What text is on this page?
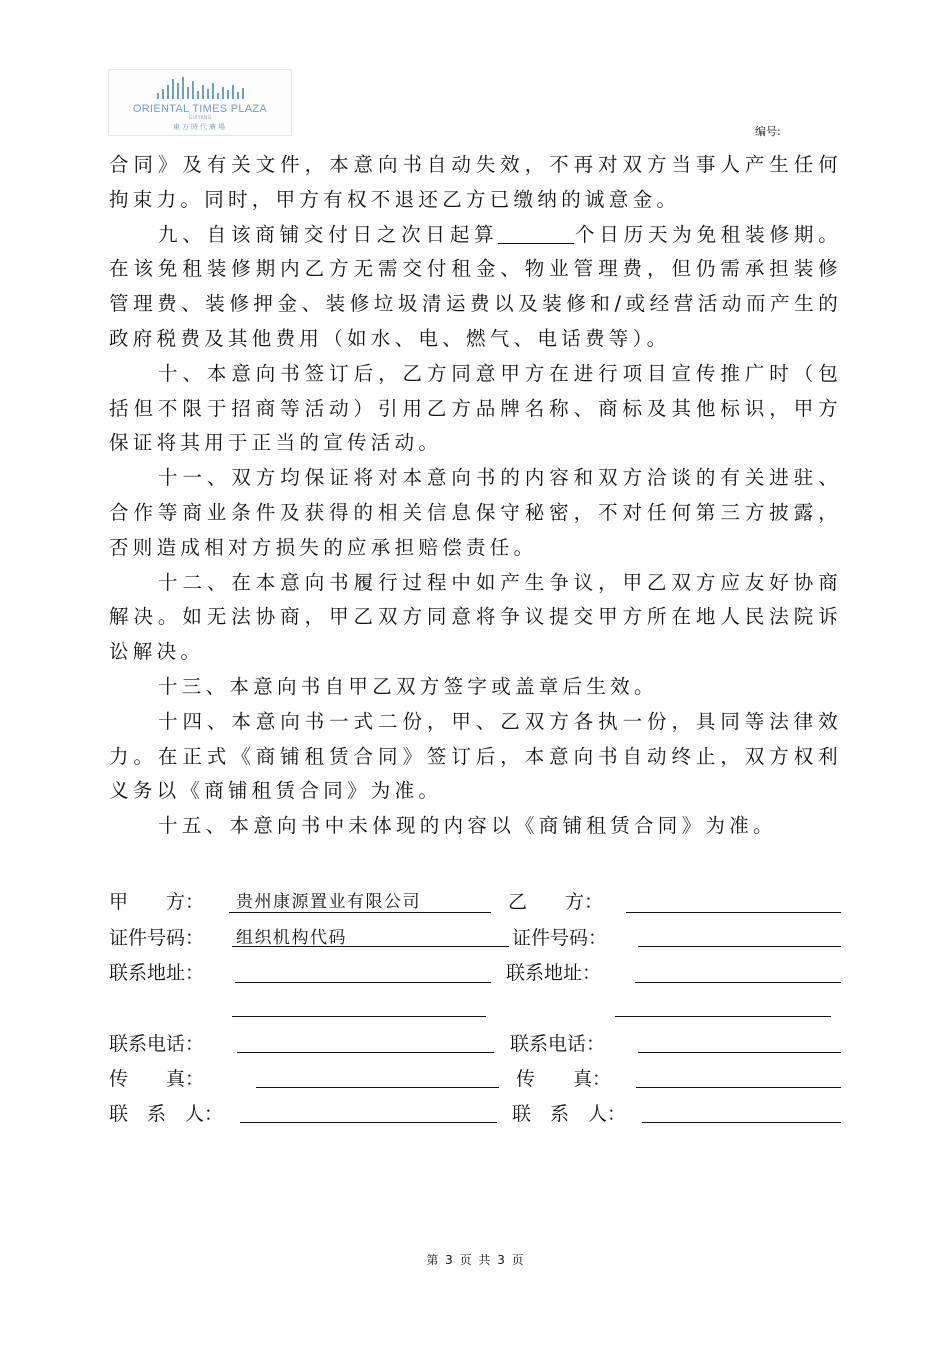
ORIENTAL TIMES PLAZA
GUIYANG
東方時代廣場	编号:

合同》及有关文件，本意向书自动失效，不再对双方当事人产生任何拘束力。同时，甲方有权不退还乙方已缴纳的诚意金。

九、自该商铺交付日之次日起算	个日历天为免租装修期。在该免租装修期内乙方无需交付租金、物业管理费，但仍需承担装修管理费、装修押金、装修垃圾清运费以及装修和/或经营活动而产生的政府税费及其他费用（如水、电、燃气、电话费等）。

十、本意向书签订后，乙方同意甲方在进行项目宣传推广时（包括但不限于招商等活动）引用乙方品牌名称、商标及其他标识，甲方保证将其用于正当的宣传活动。

十一、双方均保证将对本意向书的内容和双方洽谈的有关进驻、合作等商业条件及获得的相关信息保守秘密，不对任何第三方披露，否则造成相对方损失的应承担赔偿责任。

十二、在本意向书履行过程中如产生争议，甲乙双方应友好协商解决。如无法协商，甲乙双方同意将争议提交甲方所在地人民法院诉讼解决。

十三、本意向书自甲乙双方签字或盖章后生效。

十四、本意向书一式二份，甲、乙双方各执一份，具同等法律效力。在正式《商铺租赁合同》签订后，本意向书自动终止，双方权利义务以《商铺租赁合同》为准。

十五、本意向书中未体现的内容以《商铺租赁合同》为准。

甲　　方： 贵州康源置业有限公司	乙　　方：
证件号码： 组织机构代码	证件号码：
联系地址：	联系地址：
联系电话：	联系电话：
传　　真：	传　　真：
联　系　人：	联　系　人：
第 3 页 共 3 页
